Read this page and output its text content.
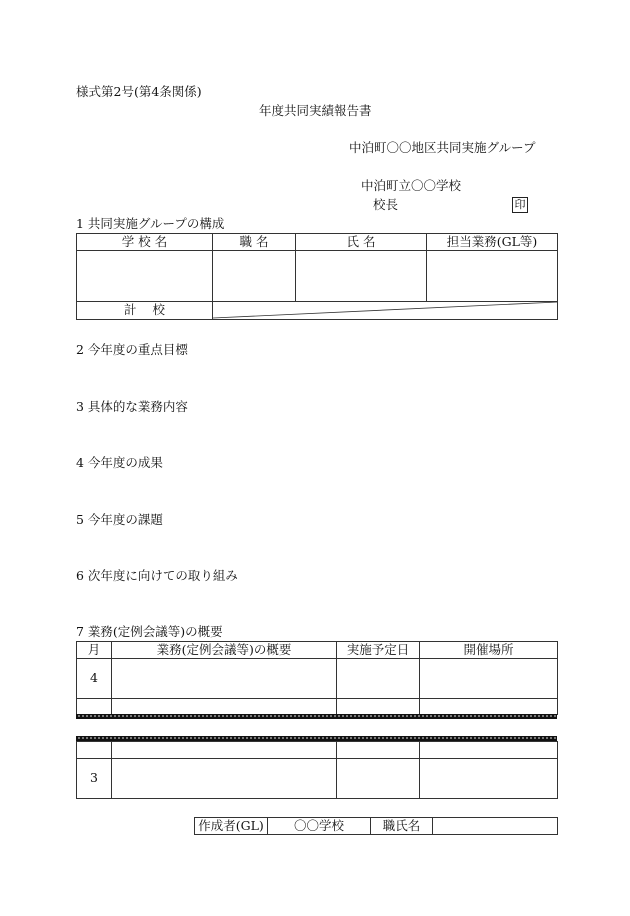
様式第2号(第4条関係)
年度共同実績報告書
中泊町〇〇地区共同実施グループ
中泊町立〇〇学校
校長	印
1 共同実施グループの構成
学 校 名	職 名	氏 名	担当業務(GL等)

計    校	
2 今年度の重点目標
3 具体的な業務内容
4 今年度の成果
5 今年度の課題
6 次年度に向けての取り組み
7 業務(定例会議等)の概要
月	業務(定例会議等)の概要	実施予定日	開催場所
4			

3			
作成者(GL)	〇〇学校	職氏名	
